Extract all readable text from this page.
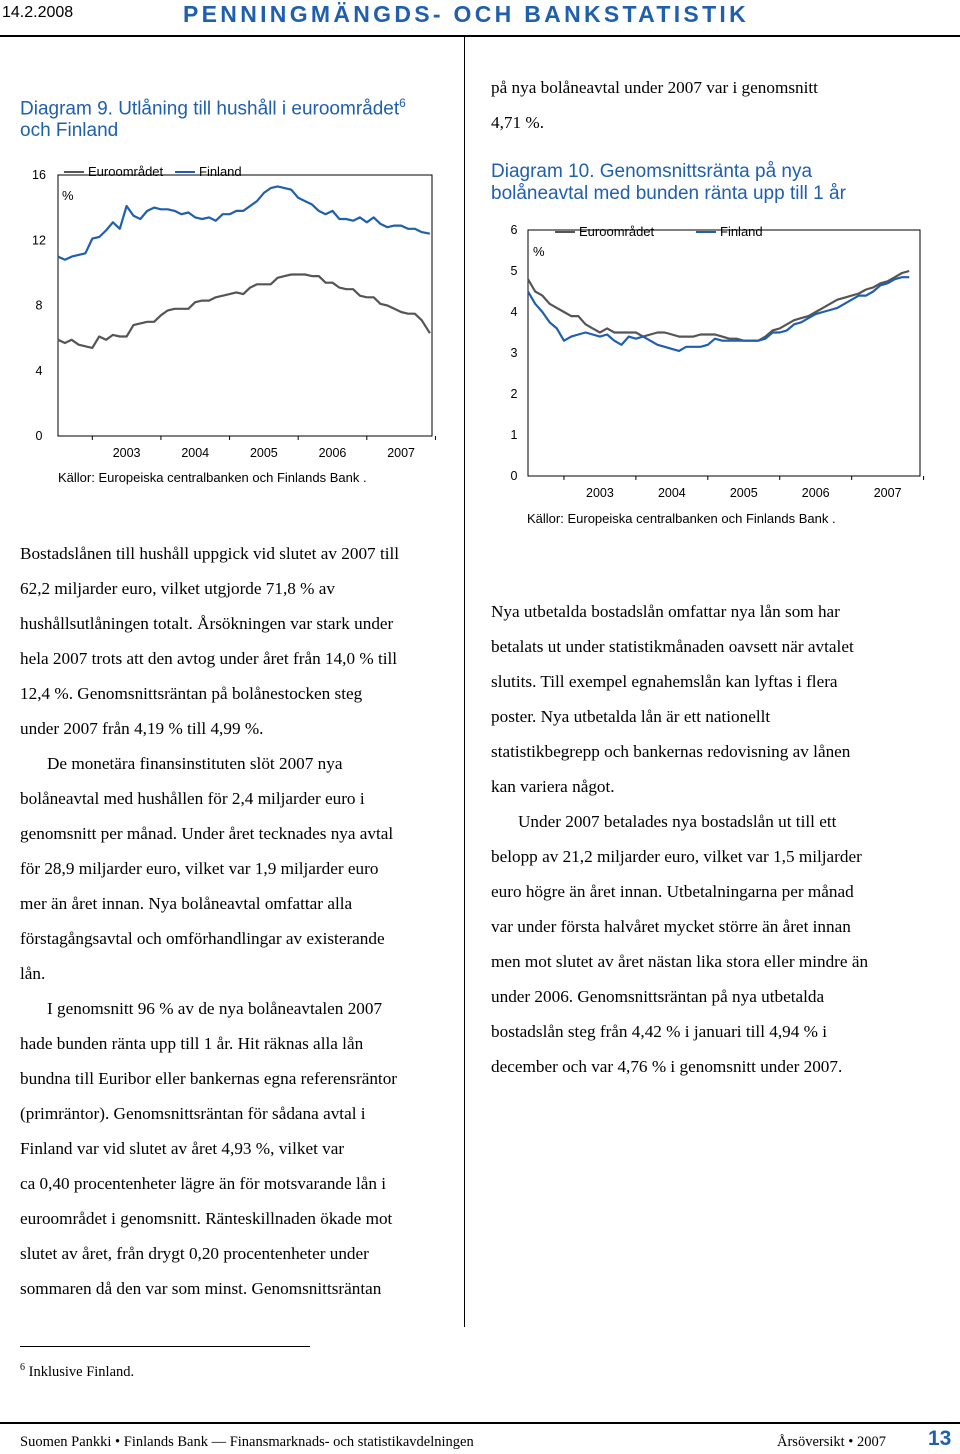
14.2.2008	PENNINGMÄNGDS- OCH BANKSTATISTIK
Diagram 9. Utlåning till hushåll i euroområdet$^6$
och Finland
0
4
8
12
16
%
2003	2004	2005	2006	2007
Euroområdet	Finland
Källor: Europeiska centralbanken och Finlands Bank .

på nya bolåneavtal under 2007 var i genomsnitt

4,71 %.

Diagram 10. Genomsnittsränta på nya
bolåneavtal med bunden ränta upp till 1 år
0
1
2
3
4
5
6
%
2003	2004	2005	2006	2007
Euroområdet	Finland
Källor: Europeiska centralbanken och Finlands Bank .

Bostadslånen till hushåll uppgick vid slutet av 2007 till

62,2 miljarder euro, vilket utgjorde 71,8 % av

hushållsutlåningen totalt. Årsökningen var stark under

hela 2007 trots att den avtog under året från 14,0 % till

12,4 %. Genomsnittsräntan på bolånestocken steg

under 2007 från 4,19 % till 4,99 %.

De monetära finansinstituten slöt 2007 nya

bolåneavtal med hushållen för 2,4 miljarder euro i

genomsnitt per månad. Under året tecknades nya avtal

för 28,9 miljarder euro, vilket var 1,9 miljarder euro

mer än året innan. Nya bolåneavtal omfattar alla

förstagångsavtal och omförhandlingar av existerande

lån.

I genomsnitt 96 % av de nya bolåneavtalen 2007

hade bunden ränta upp till 1 år. Hit räknas alla lån

bundna till Euribor eller bankernas egna referensräntor

(primräntor). Genomsnittsräntan för sådana avtal i

Finland var vid slutet av året 4,93 %, vilket var

ca 0,40 procentenheter lägre än för motsvarande lån i

euroområdet i genomsnitt. Ränteskillnaden ökade mot

slutet av året, från drygt 0,20 procentenheter under

sommaren då den var som minst. Genomsnittsräntan

Nya utbetalda bostadslån omfattar nya lån som har

betalats ut under statistikmånaden oavsett när avtalet

slutits. Till exempel egnahemslån kan lyftas i flera

poster. Nya utbetalda lån är ett nationellt

statistikbegrepp och bankernas redovisning av lånen

kan variera något.

Under 2007 betalades nya bostadslån ut till ett

belopp av 21,2 miljarder euro, vilket var 1,5 miljarder

euro högre än året innan. Utbetalningarna per månad

var under första halvåret mycket större än året innan

men mot slutet av året nästan lika stora eller mindre än

under 2006. Genomsnittsräntan på nya utbetalda

bostadslån steg från 4,42 % i januari till 4,94 % i

december och var 4,76 % i genomsnitt under 2007.

$^6$ Inklusive Finland.
Suomen Pankki • Finlands Bank — Finansmarknads- och statistikavdelningen	Årsöversikt • 2007 13
